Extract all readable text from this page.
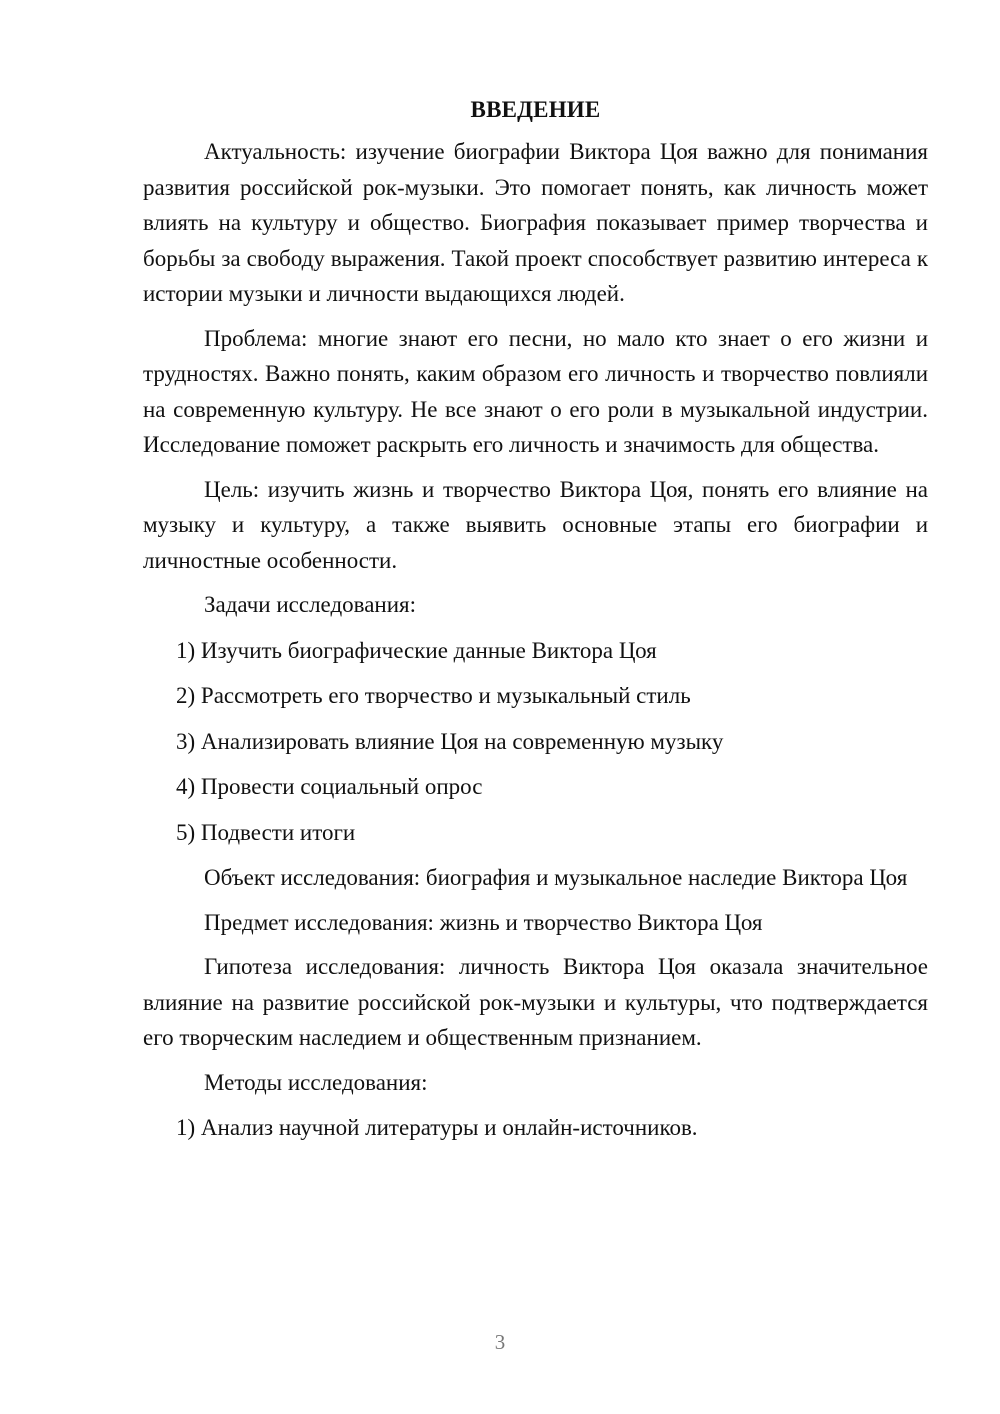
ВВЕДЕНИЕ

Актуальность: изучение биографии Виктора Цоя важно для понимания развития российской рок-музыки. Это помогает понять, как личность может влиять на культуру и общество. Биография показывает пример творчества и борьбы за свободу выражения. Такой проект способствует развитию интереса к истории музыки и личности выдающихся людей.

Проблема: многие знают его песни, но мало кто знает о его жизни и трудностях. Важно понять, каким образом его личность и творчество повлияли на современную культуру. Не все знают о его роли в музыкальной индустрии. Исследование поможет раскрыть его личность и значимость для общества.

Цель: изучить жизнь и творчество Виктора Цоя, понять его влияние на музыку и культуру, а также выявить основные этапы его биографии и личностные особенности.

Задачи исследования:
1) Изучить биографические данные Виктора Цоя
2) Рассмотреть его творчество и музыкальный стиль
3) Анализировать влияние Цоя на современную музыку
4) Провести социальный опрос
5) Подвести итоги

Объект исследования: биография и музыкальное наследие Виктора Цоя

Предмет исследования: жизнь и творчество Виктора Цоя

Гипотеза исследования: личность Виктора Цоя оказала значительное влияние на развитие российской рок-музыки и культуры, что подтверждается его творческим наследием и общественным признанием.

Методы исследования:
1) Анализ научной литературы и онлайн-источников.
3
